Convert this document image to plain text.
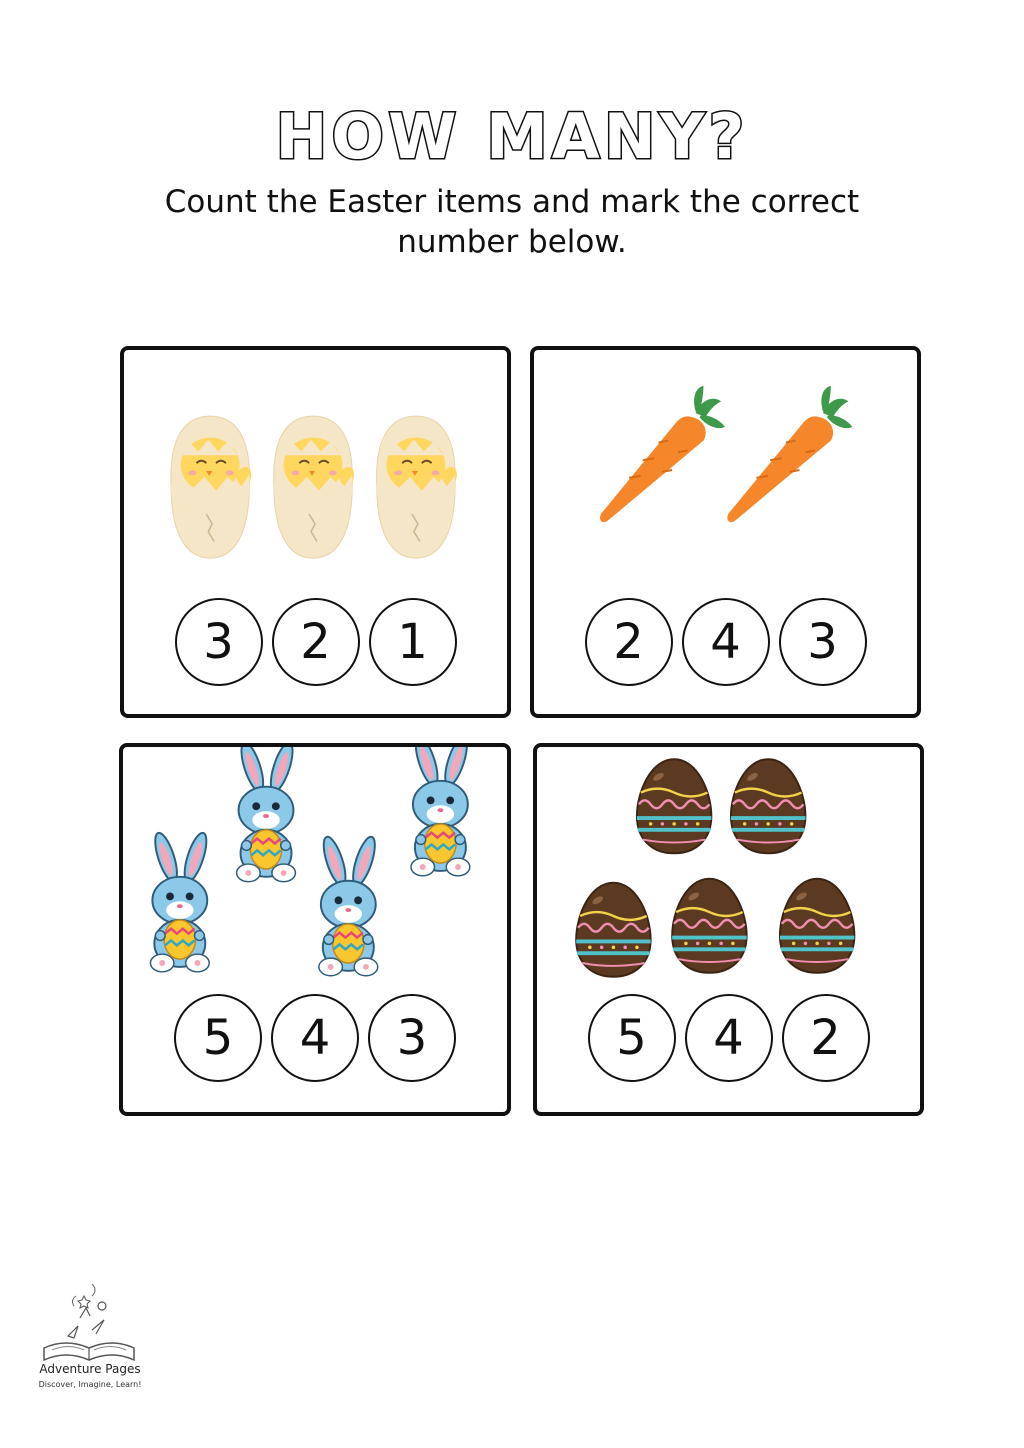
HOW MANY?
Count the Easter items and mark the correct number below.
3	2	1	2	4	3
5	4	3	5	4	2
Adventure Pages
Discover, Imagine, Learn!
